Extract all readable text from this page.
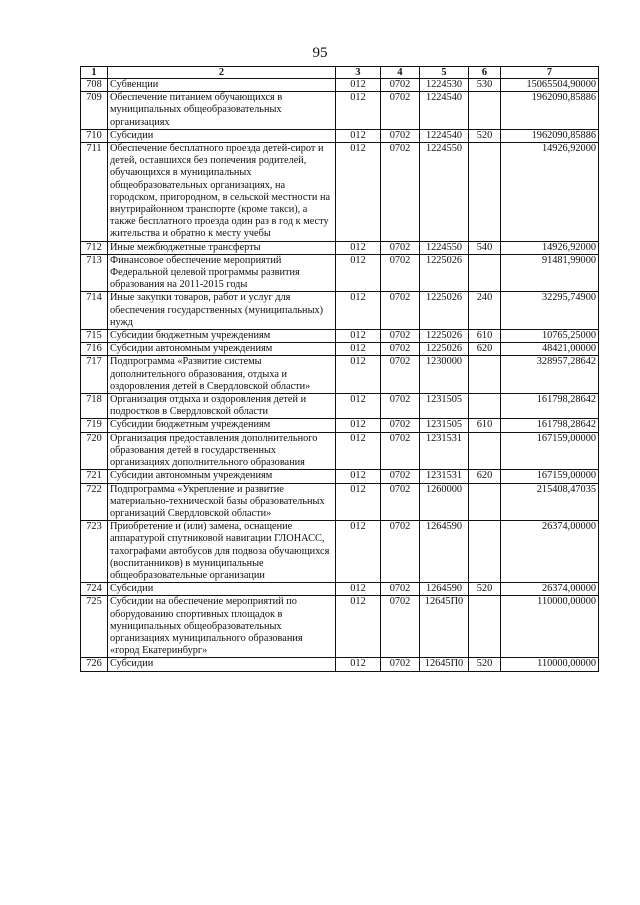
95
1	2	3	4	5	6	7
708	Субвенции	012	0702	1224530	530	15065504,90000
709	Обеспечение питанием обучающихся в муниципальных общеобразовательных организациях	012	0702	1224540		1962090,85886
710	Субсидии	012	0702	1224540	520	1962090,85886
711	Обеспечение бесплатного проезда детей-сирот и детей, оставшихся без попечения родителей, обучающихся в муниципальных общеобразовательных организациях, на городском, пригородном, в сельской местности на внутрирайонном транспорте (кроме такси), а также бесплатного проезда один раз в год к месту жительства и обратно к месту учебы	012	0702	1224550		14926,92000
712	Иные межбюджетные трансферты	012	0702	1224550	540	14926,92000
713	Финансовое обеспечение мероприятий Федеральной целевой программы развития образования на 2011-2015 годы	012	0702	1225026		91481,99000
714	Иные закупки товаров, работ и услуг для обеспечения государственных (муниципальных) нужд	012	0702	1225026	240	32295,74900
715	Субсидии бюджетным учреждениям	012	0702	1225026	610	10765,25000
716	Субсидии автономным учреждениям	012	0702	1225026	620	48421,00000
717	Подпрограмма «Развитие системы дополнительного образования, отдыха и оздоровления детей в Свердловской области»	012	0702	1230000		328957,28642
718	Организация отдыха и оздоровления детей и подростков в Свердловской области	012	0702	1231505		161798,28642
719	Субсидии бюджетным учреждениям	012	0702	1231505	610	161798,28642
720	Организация предоставления дополнительного образования детей в государственных организациях дополнительного образования	012	0702	1231531		167159,00000
721	Субсидии автономным учреждениям	012	0702	1231531	620	167159,00000
722	Подпрограмма «Укрепление и развитие материально-технической базы образовательных организаций Свердловской области»	012	0702	1260000		215408,47035
723	Приобретение и (или) замена, оснащение аппаратурой спутниковой навигации ГЛОНАСС, тахографами автобусов для подвоза обучающихся (воспитанников) в муниципальные общеобразовательные организации	012	0702	1264590		26374,00000
724	Субсидии	012	0702	1264590	520	26374,00000
725	Субсидии на обеспечение мероприятий по оборудованию спортивных площадок в муниципальных общеобразовательных организациях муниципального образования «город Екатеринбург»	012	0702	12645П0		110000,00000
726	Субсидии	012	0702	12645П0	520	110000,00000
